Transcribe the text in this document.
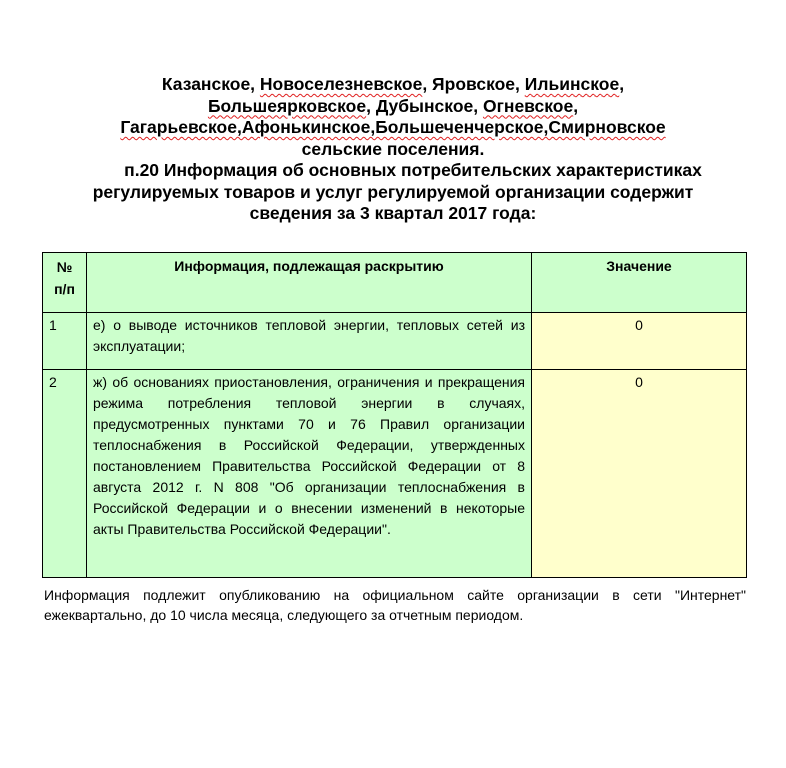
Казанское, Новоселезневское, Яровское, Ильинское,
Большеярковское, Дубынское, Огневское,
Гагарьевское,Афонькинское,Большеченчерское,Смирновское
сельские поселения.
п.20 Информация об основных потребительских характеристиках
регулируемых товаров и услуг регулируемой организации содержит
сведения за 3 квартал 2017 года:
№
п/п	Информация, подлежащая раскрытию	Значение
1	е) о выводе источников тепловой энергии, тепловых сетей из эксплуатации;	0
2	ж) об основаниях приостановления, ограничения и прекращения режима потребления тепловой энергии в случаях, предусмотренных пунктами 70 и 76 Правил организации теплоснабжения в Российской Федерации, утвержденных постановлением Правительства Российской Федерации от 8 августа 2012 г. N 808 "Об организации теплоснабжения в Российской Федерации и о внесении изменений в некоторые акты Правительства Российской Федерации".	0
Информация подлежит опубликованию на официальном сайте организации в сети "Интернет" ежеквартально, до 10 числа месяца, следующего за отчетным периодом.
